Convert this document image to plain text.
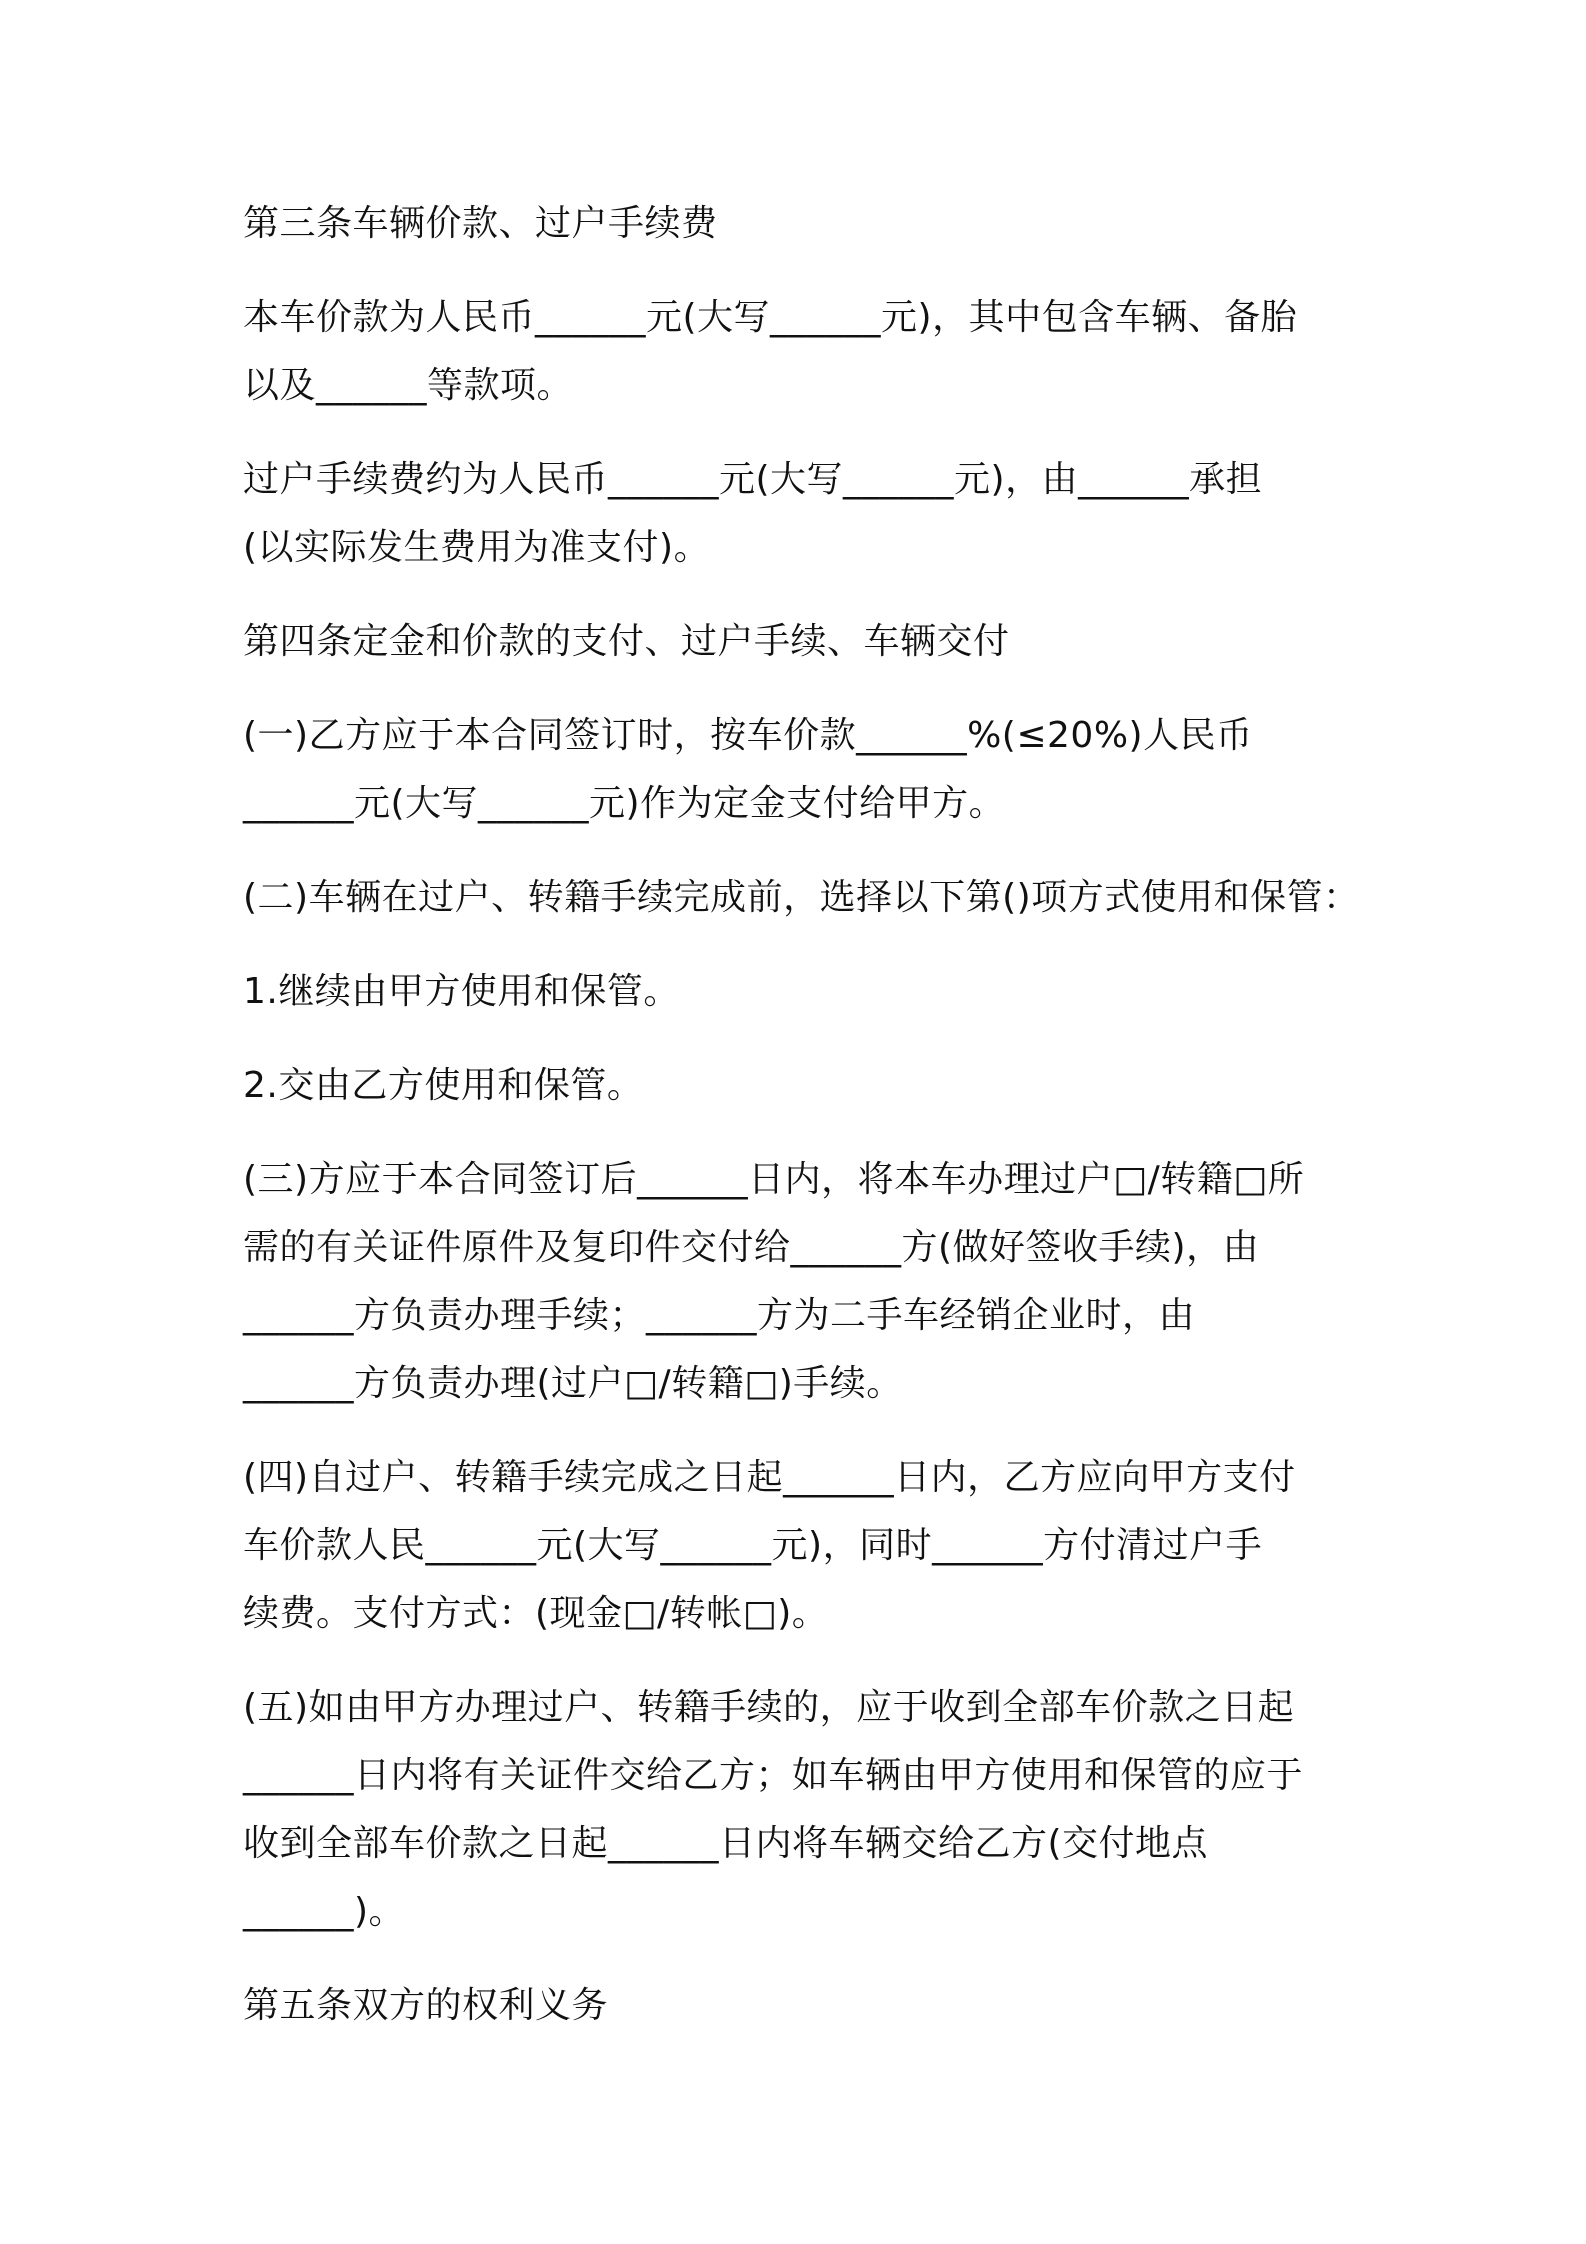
第三条车辆价款、过户手续费
本车价款为人民币______元(大写______元)，其中包含车辆、备胎
以及______等款项。
过户手续费约为人民币______元(大写______元)，由______承担
(以实际发生费用为准支付)。
第四条定金和价款的支付、过户手续、车辆交付
(一)乙方应于本合同签订时，按车价款______%(≤20%)人民币
______元(大写______元)作为定金支付给甲方。
(二)车辆在过户、转籍手续完成前，选择以下第()项方式使用和保管：
1.继续由甲方使用和保管。
2.交由乙方使用和保管。
(三)方应于本合同签订后______日内，将本车办理过户□/转籍□所
需的有关证件原件及复印件交付给______方(做好签收手续)，由
______方负责办理手续；______方为二手车经销企业时，由
______方负责办理(过户□/转籍□)手续。
(四)自过户、转籍手续完成之日起______日内，乙方应向甲方支付
车价款人民______元(大写______元)，同时______方付清过户手
续费。支付方式：(现金□/转帐□)。
(五)如由甲方办理过户、转籍手续的，应于收到全部车价款之日起
______日内将有关证件交给乙方；如车辆由甲方使用和保管的应于
收到全部车价款之日起______日内将车辆交给乙方(交付地点
______)。
第五条双方的权利义务
